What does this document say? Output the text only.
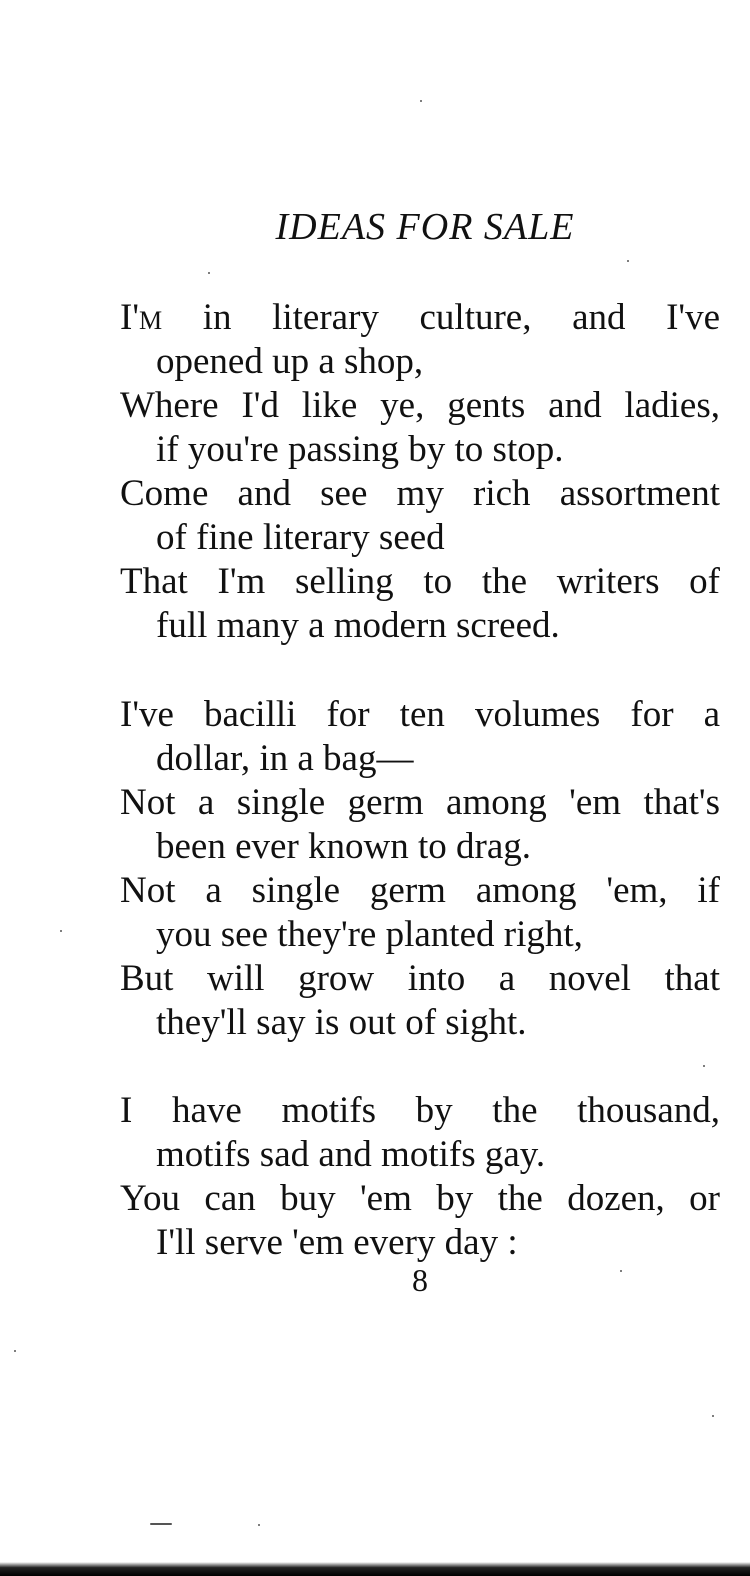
IDEAS FOR SALE
I'm in literary culture, and I've
opened up a shop,
Where I'd like ye, gents and ladies,
if you're passing by to stop.
Come and see my rich assortment
of fine literary seed
That I'm selling to the writers of
full many a modern screed.
I've bacilli for ten volumes for a
dollar, in a bag—
Not a single germ among 'em that's
been ever known to drag.
Not a single germ among 'em, if
you see they're planted right,
But will grow into a novel that
they'll say is out of sight.
I have motifs by the thousand,
motifs sad and motifs gay.
You can buy 'em by the dozen, or
I'll serve 'em every day :
8
